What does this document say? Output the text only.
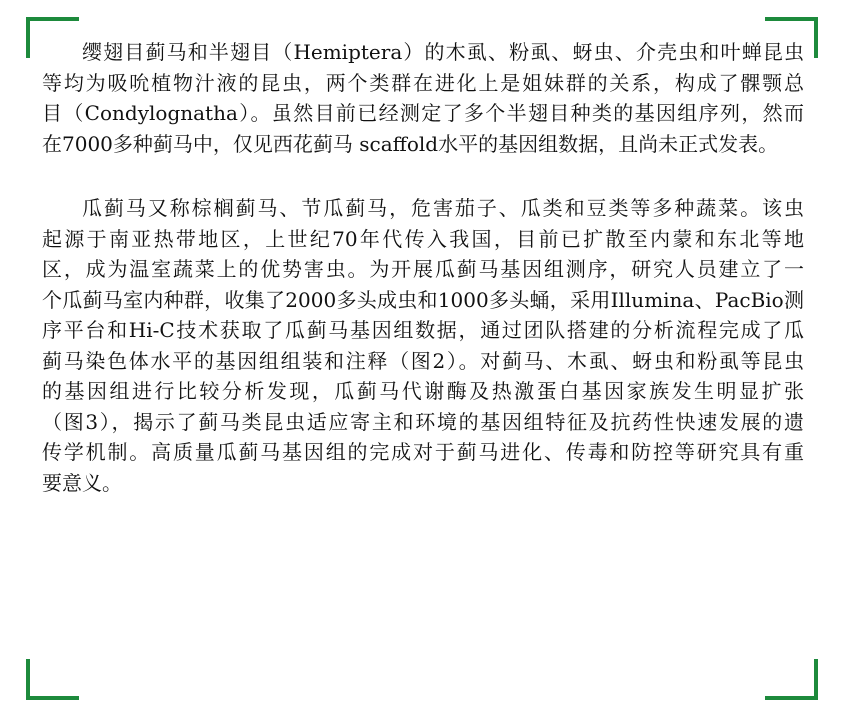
缨翅目蓟马和半翅目（Hemiptera）的木虱、粉虱、蚜虫、介壳虫和叶蝉昆虫
等均为吸吮植物汁液的昆虫，两个类群在进化上是姐妹群的关系，构成了髁颚总
目（Condylognatha）。虽然目前已经测定了多个半翅目种类的基因组序列，然而
在7000多种蓟马中，仅见西花蓟马 scaffold水平的基因组数据，且尚未正式发表。

瓜蓟马又称棕榈蓟马、节瓜蓟马，危害茄子、瓜类和豆类等多种蔬菜。该虫
起源于南亚热带地区，上世纪70年代传入我国，目前已扩散至内蒙和东北等地
区，成为温室蔬菜上的优势害虫。为开展瓜蓟马基因组测序，研究人员建立了一
个瓜蓟马室内种群，收集了2000多头成虫和1000多头蛹，采用Illumina、PacBio测
序平台和Hi-C技术获取了瓜蓟马基因组数据，通过团队搭建的分析流程完成了瓜
蓟马染色体水平的基因组组装和注释（图2）。对蓟马、木虱、蚜虫和粉虱等昆虫
的基因组进行比较分析发现，瓜蓟马代谢酶及热激蛋白基因家族发生明显扩张
（图3），揭示了蓟马类昆虫适应寄主和环境的基因组特征及抗药性快速发展的遗
传学机制。高质量瓜蓟马基因组的完成对于蓟马进化、传毒和防控等研究具有重
要意义。
